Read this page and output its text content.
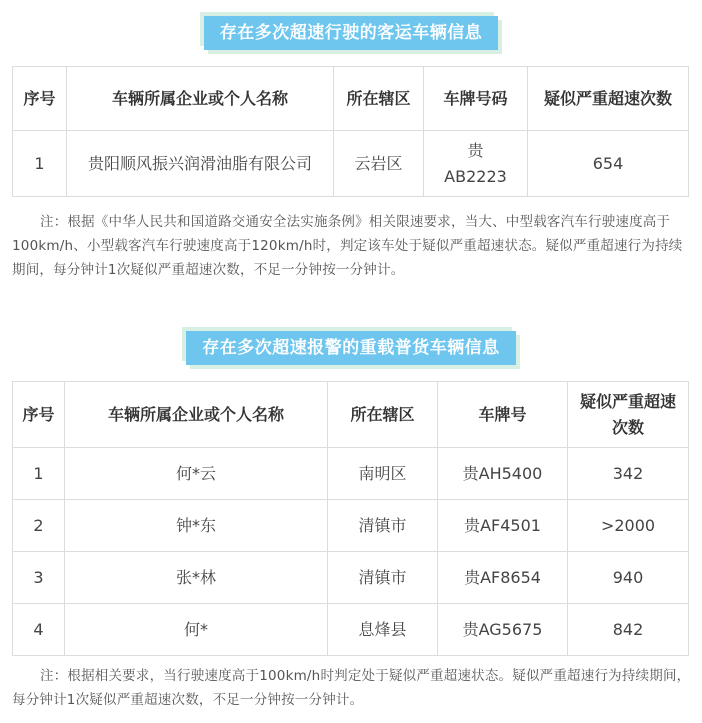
存在多次超速行驶的客运车辆信息
序号	车辆所属企业或个人名称	所在辖区	车牌号码	疑似严重超速次数
1	贵阳顺风振兴润滑油脂有限公司	云岩区	贵AB2223	654
注：根据《中华人民共和国道路交通安全法实施条例》相关限速要求，当大、中型载客汽车行驶速度高于100km/h、小型载客汽车行驶速度高于120km/h时，判定该车处于疑似严重超速状态。疑似严重超速行为持续期间，每分钟计1次疑似严重超速次数，不足一分钟按一分钟计。
存在多次超速报警的重载普货车辆信息
序号	车辆所属企业或个人名称	所在辖区	车牌号	疑似严重超速次数
1	何*云	南明区	贵AH5400	342
2	钟*东	清镇市	贵AF4501	>2000
3	张*林	清镇市	贵AF8654	940
4	何*	息烽县	贵AG5675	842
注：根据相关要求，当行驶速度高于100km/h时判定处于疑似严重超速状态。疑似严重超速行为持续期间，每分钟计1次疑似严重超速次数，不足一分钟按一分钟计。
